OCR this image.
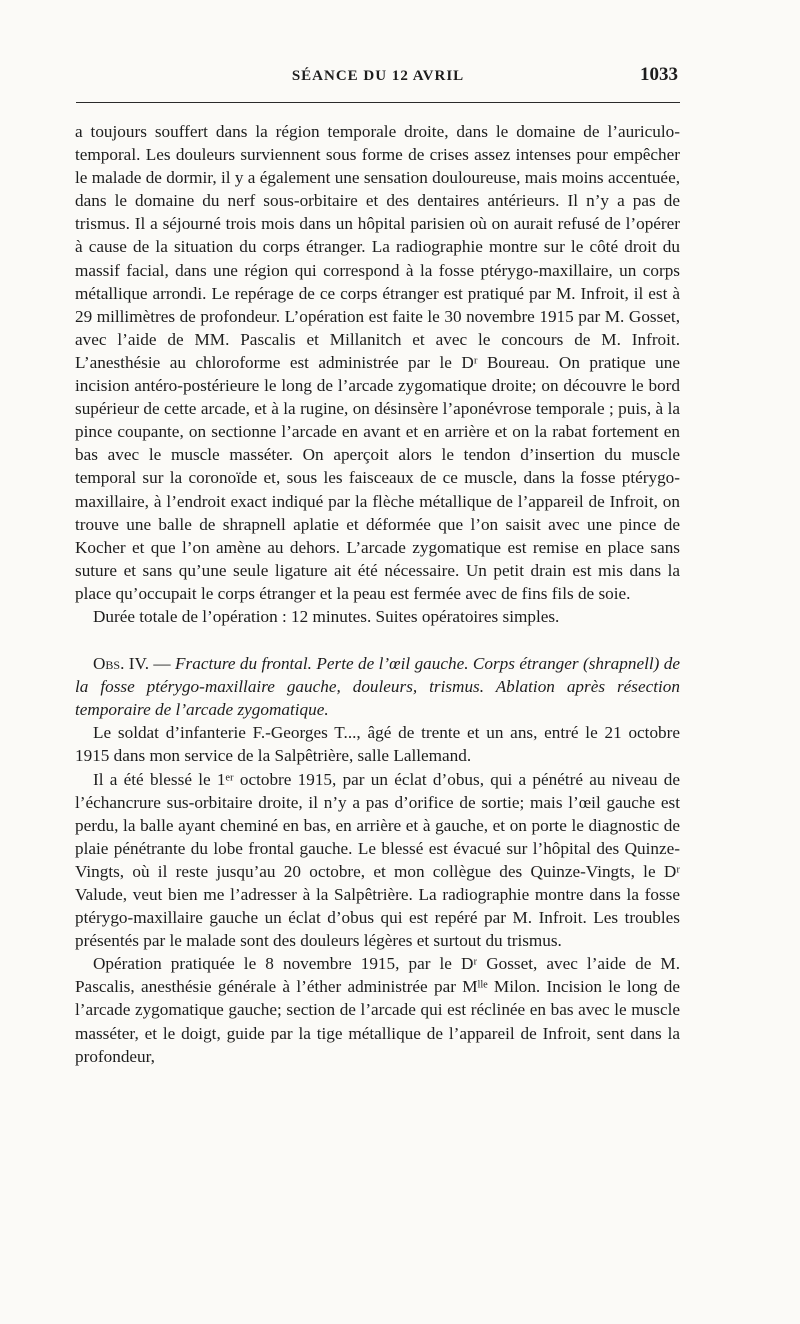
SÉANCE DU 12 AVRIL	1033

a toujours souffert dans la région temporale droite, dans le domaine de l’auriculo-temporal. Les douleurs surviennent sous forme de crises assez intenses pour empêcher le malade de dormir, il y a également une sensation douloureuse, mais moins accentuée, dans le domaine du nerf sous-orbitaire et des dentaires antérieurs. Il n’y a pas de trismus. Il a séjourné trois mois dans un hôpital parisien où on aurait refusé de l’opérer à cause de la situation du corps étranger. La radiographie montre sur le côté droit du massif facial, dans une région qui correspond à la fosse ptérygo-maxillaire, un corps métallique arrondi. Le repérage de ce corps étranger est pratiqué par M. Infroit, il est à 29 millimètres de profondeur. L’opération est faite le 30 novembre 1915 par M. Gosset, avec l’aide de MM. Pascalis et Millanitch et avec le concours de M. Infroit. L’anesthésie au chloroforme est administrée par le Dʳ Boureau. On pratique une incision antéro-postérieure le long de l’arcade zygomatique droite; on découvre le bord supérieur de cette arcade, et à la rugine, on désinsère l’aponévrose temporale ; puis, à la pince coupante, on sectionne l’arcade en avant et en arrière et on la rabat fortement en bas avec le muscle masséter. On aperçoit alors le tendon d’insertion du muscle temporal sur la coronoïde et, sous les faisceaux de ce muscle, dans la fosse ptérygo-maxillaire, à l’endroit exact indiqué par la flèche métallique de l’appareil de Infroit, on trouve une balle de shrapnell aplatie et déformée que l’on saisit avec une pince de Kocher et que l’on amène au dehors. L’arcade zygomatique est remise en place sans suture et sans qu’une seule ligature ait été nécessaire. Un petit drain est mis dans la place qu’occupait le corps étranger et la peau est fermée avec de fins fils de soie.

Durée totale de l’opération : 12 minutes. Suites opératoires simples.

Obs. IV. — Fracture du frontal. Perte de l’œil gauche. Corps étranger (shrapnell) de la fosse ptérygo-maxillaire gauche, douleurs, trismus. Ablation après résection temporaire de l’arcade zygomatique.

Le soldat d’infanterie F.-Georges T..., âgé de trente et un ans, entré le 21 octobre 1915 dans mon service de la Salpêtrière, salle Lallemand.

Il a été blessé le 1ᵉʳ octobre 1915, par un éclat d’obus, qui a pénétré au niveau de l’échancrure sus-orbitaire droite, il n’y a pas d’orifice de sortie; mais l’œil gauche est perdu, la balle ayant cheminé en bas, en arrière et à gauche, et on porte le diagnostic de plaie pénétrante du lobe frontal gauche. Le blessé est évacué sur l’hôpital des Quinze-Vingts, où il reste jusqu’au 20 octobre, et mon collègue des Quinze-Vingts, le Dʳ Valude, veut bien me l’adresser à la Salpêtrière. La radiographie montre dans la fosse ptérygo-maxillaire gauche un éclat d’obus qui est repéré par M. Infroit. Les troubles présentés par le malade sont des douleurs légères et surtout du trismus.

Opération pratiquée le 8 novembre 1915, par le Dʳ Gosset, avec l’aide de M. Pascalis, anesthésie générale à l’éther administrée par Mˡˡᵉ Milon. Incision le long de l’arcade zygomatique gauche; section de l’arcade qui est réclinée en bas avec le muscle masséter, et le doigt, guide par la tige métallique de l’appareil de Infroit, sent dans la profondeur,
